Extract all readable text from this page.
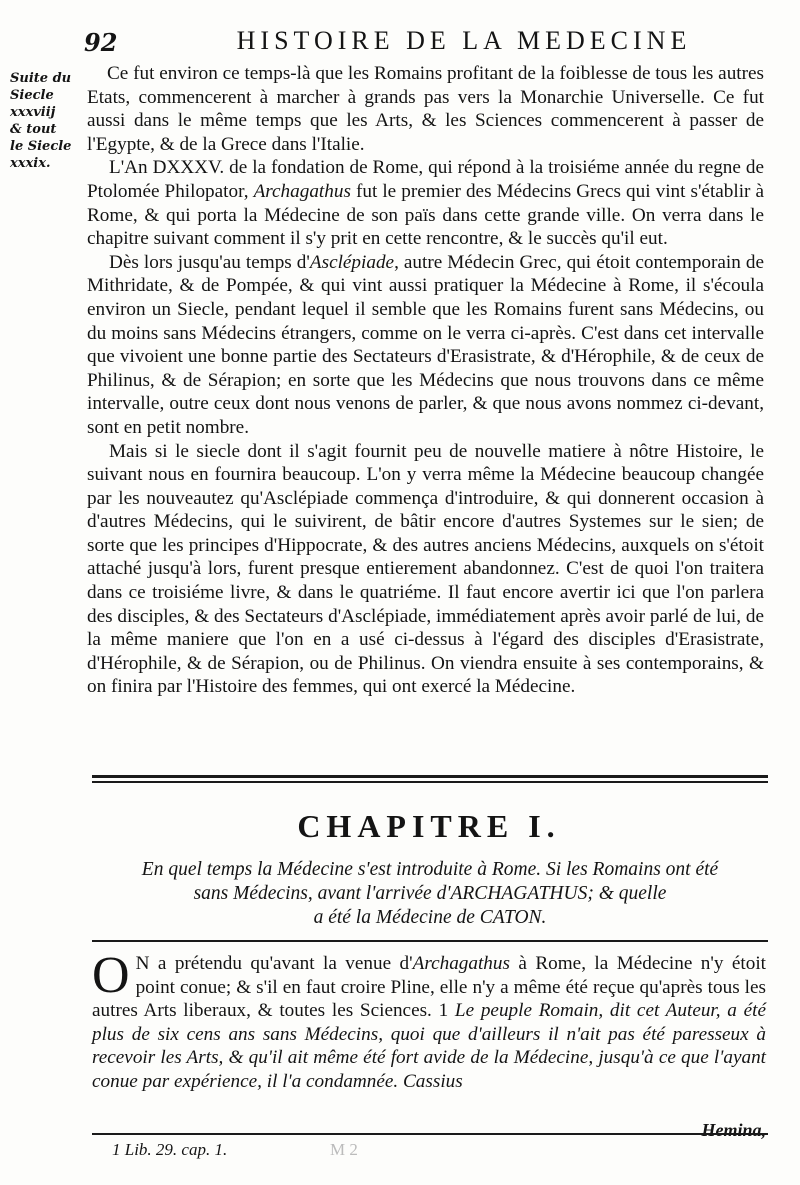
92	HISTOIRE DE LA MEDECINE
Suite du
Siecle
xxxviij
& tout
le Siecle
xxxix.

Ce fut environ ce temps-là que les Romains profitant de la foiblesse de tous les autres Etats, commencerent à marcher à grands pas vers la Monarchie Universelle. Ce fut aussi dans le même temps que les Arts, & les Sciences commencerent à passer de l'Egypte, & de la Grece dans l'Italie.

L'An DXXXV. de la fondation de Rome, qui répond à la troisiéme année du regne de Ptolomée Philopator, Archagathus fut le premier des Médecins Grecs qui vint s'établir à Rome, & qui porta la Médecine de son païs dans cette grande ville. On verra dans le chapitre suivant comment il s'y prit en cette rencontre, & le succès qu'il eut.

Dès lors jusqu'au temps d'Asclépiade, autre Médecin Grec, qui étoit contemporain de Mithridate, & de Pompée, & qui vint aussi pratiquer la Médecine à Rome, il s'écoula environ un Siecle, pendant lequel il semble que les Romains furent sans Médecins, ou du moins sans Médecins étrangers, comme on le verra ci-après. C'est dans cet intervalle que vivoient une bonne partie des Sectateurs d'Erasistrate, & d'Hérophile, & de ceux de Philinus, & de Sérapion; en sorte que les Médecins que nous trouvons dans ce même intervalle, outre ceux dont nous venons de parler, & que nous avons nommez ci-devant, sont en petit nombre.

Mais si le siecle dont il s'agit fournit peu de nouvelle matiere à nôtre Histoire, le suivant nous en fournira beaucoup. L'on y verra même la Médecine beaucoup changée par les nouveautez qu'Asclépiade commença d'introduire, & qui donnerent occasion à d'autres Médecins, qui le suivirent, de bâtir encore d'autres Systemes sur le sien; de sorte que les principes d'Hippocrate, & des autres anciens Médecins, auxquels on s'étoit attaché jusqu'à lors, furent presque entierement abandonnez. C'est de quoi l'on traitera dans ce troisiéme livre, & dans le quatriéme. Il faut encore avertir ici que l'on parlera des disciples, & des Sectateurs d'Asclépiade, immédiatement après avoir parlé de lui, de la même maniere que l'on en a usé ci-dessus à l'égard des disciples d'Erasistrate, d'Hérophile, & de Sérapion, ou de Philinus. On viendra ensuite à ses contemporains, & on finira par l'Histoire des femmes, qui ont exercé la Médecine.

CHAPITRE I.
En quel temps la Médecine s'est introduite à Rome. Si les Romains ont été
sans Médecins, avant l'arrivée d'ARCHAGATHUS; & quelle
a été la Médecine de CATON.
O N a prétendu qu'avant la venue d'Archagathus à Rome, la Médecine n'y étoit point conue; & s'il en faut croire Pline, elle n'y a même été reçue qu'après tous les autres Arts liberaux, & toutes les Sciences. 1 Le peuple Romain, dit cet Auteur, a été plus de six cens ans sans Médecins, quoi que d'ailleurs il n'ait pas été paresseux à recevoir les Arts, & qu'il ait même été fort avide de la Médecine, jusqu'à ce que l'ayant conue par expérience, il l'a condamnée. Cassius
Hemina,
1 Lib. 29. cap. 1.	M 2
